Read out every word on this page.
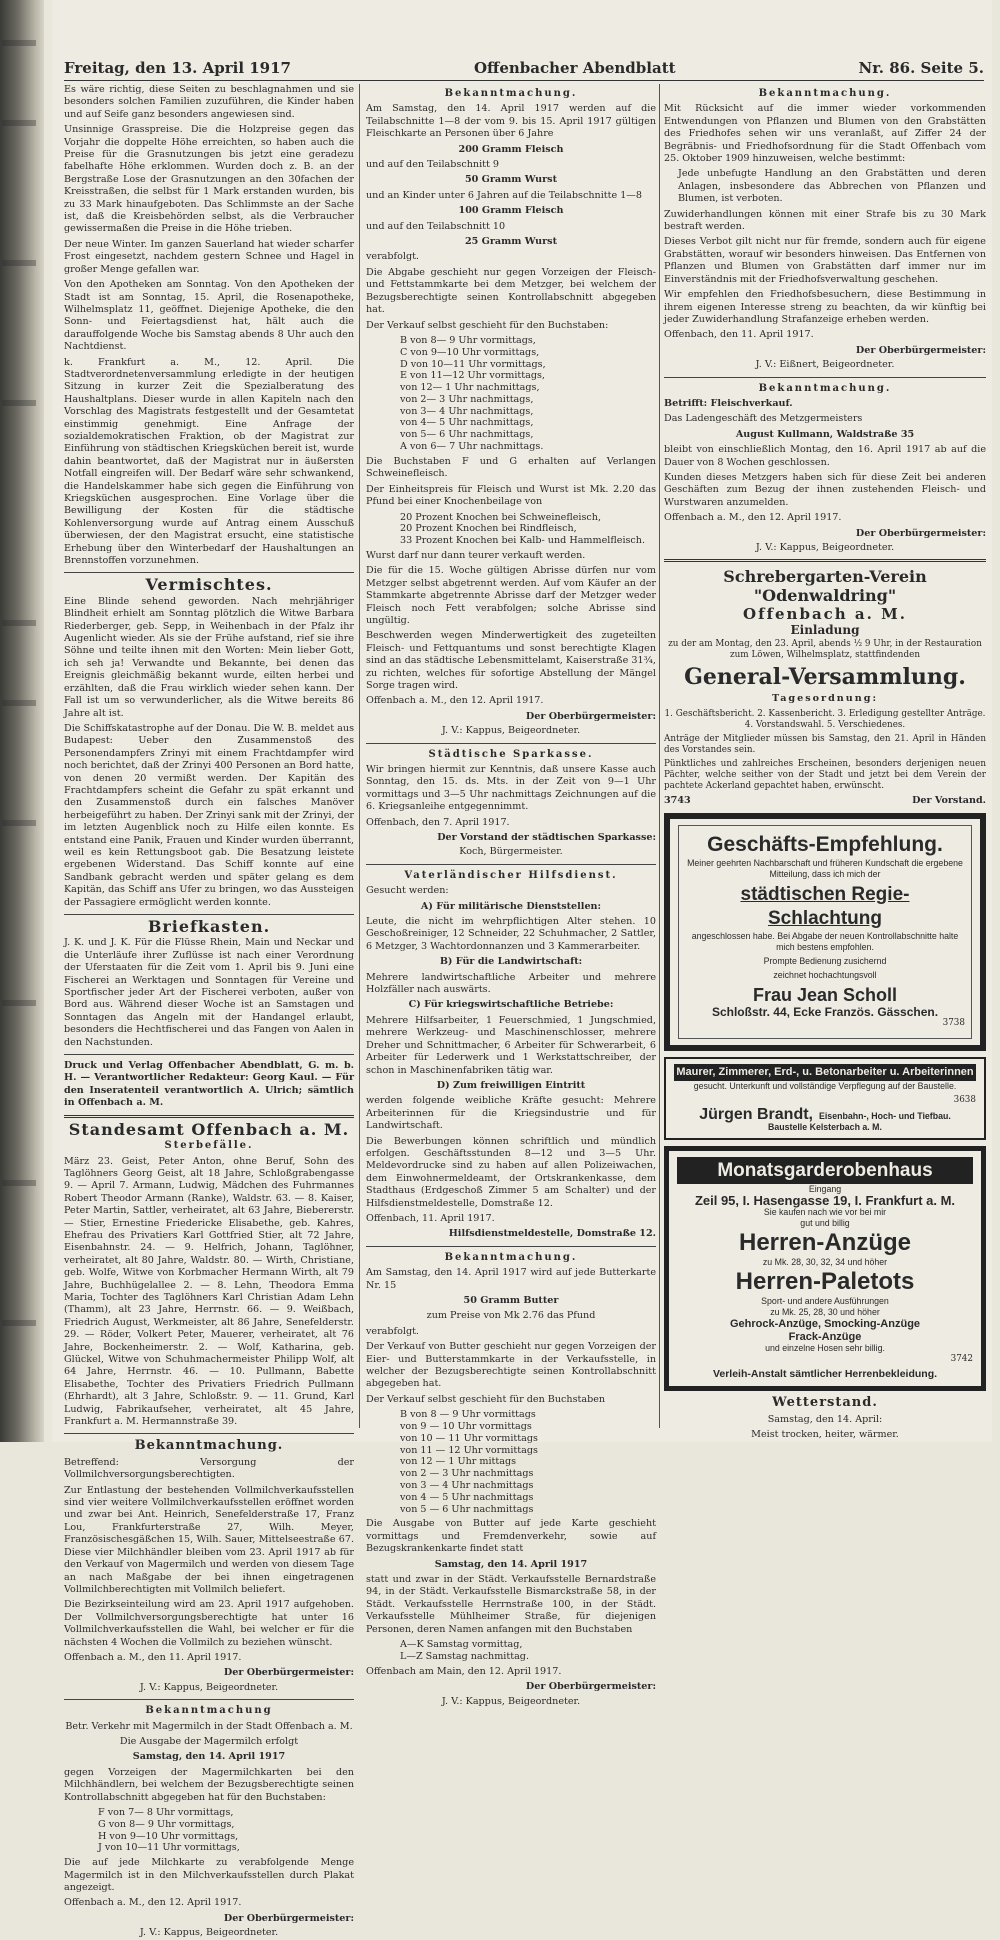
Freitag, den 13. April 1917	Offenbacher Abendblatt	Nr. 86. Seite 5.

Es wäre richtig, diese Seiten zu beschlagnahmen und sie besonders solchen Familien zuzuführen, die Kinder haben und auf Seife ganz besonders angewiesen sind.

Unsinnige Grasspreise. Die die Holzpreise gegen das Vorjahr die doppelte Höhe erreichten, so haben auch die Preise für die Grasnutzungen bis jetzt eine geradezu fabelhafte Höhe erklommen. Wurden doch z. B. an der Bergstraße Lose der Grasnutzungen an den 30fachen der Kreisstraßen, die selbst für 1 Mark erstanden wurden, bis zu 33 Mark hinaufgeboten. Das Schlimmste an der Sache ist, daß die Kreisbehörden selbst, als die Verbraucher gewissermaßen die Preise in die Höhe trieben.

Der neue Winter. Im ganzen Sauerland hat wieder scharfer Frost eingesetzt, nachdem gestern Schnee und Hagel in großer Menge gefallen war.

Von den Apotheken am Sonntag. Von den Apotheken der Stadt ist am Sonntag, 15. April, die Rosenapotheke, Wilhelmsplatz 11, geöffnet. Diejenige Apotheke, die den Sonn- und Feiertagsdienst hat, hält auch die darauffolgende Woche bis Samstag abends 8 Uhr auch den Nachtdienst.

k. Frankfurt a. M., 12. April. Die Stadtverordnetenversammlung erledigte in der heutigen Sitzung in kurzer Zeit die Spezialberatung des Haushaltplans. Dieser wurde in allen Kapiteln nach den Vorschlag des Magistrats festgestellt und der Gesamtetat einstimmig genehmigt. Eine Anfrage der sozialdemokratischen Fraktion, ob der Magistrat zur Einführung von städtischen Kriegsküchen bereit ist, wurde dahin beantwortet, daß der Magistrat nur in äußersten Notfall eingreifen will. Der Bedarf wäre sehr schwankend, die Handelskammer habe sich gegen die Einführung von Kriegsküchen ausgesprochen. Eine Vorlage über die Bewilligung der Kosten für die städtische Kohlenversorgung wurde auf Antrag einem Ausschuß überwiesen, der den Magistrat ersucht, eine statistische Erhebung über den Winterbedarf der Haushaltungen an Brennstoffen vorzunehmen.

Vermischtes.

Eine Blinde sehend geworden. Nach mehrjähriger Blindheit erhielt am Sonntag plötzlich die Witwe Barbara Riederberger, geb. Sepp, in Weihenbach in der Pfalz ihr Augenlicht wieder. Als sie der Frühe aufstand, rief sie ihre Söhne und teilte ihnen mit den Worten: Mein lieber Gott, ich seh ja! Verwandte und Bekannte, bei denen das Ereignis gleichmäßig bekannt wurde, eilten herbei und erzählten, daß die Frau wirklich wieder sehen kann. Der Fall ist um so verwunderlicher, als die Witwe bereits 86 Jahre alt ist.

Die Schiffskatastrophe auf der Donau. Die W. B. meldet aus Budapest: Ueber den Zusammenstoß des Personendampfers Zrinyi mit einem Frachtdampfer wird noch berichtet, daß der Zrinyi 400 Personen an Bord hatte, von denen 20 vermißt werden. Der Kapitän des Frachtdampfers scheint die Gefahr zu spät erkannt und den Zusammenstoß durch ein falsches Manöver herbeigeführt zu haben. Der Zrinyi sank mit der Zrinyi, der im letzten Augenblick noch zu Hilfe eilen konnte. Es entstand eine Panik, Frauen und Kinder wurden überrannt, weil es kein Rettungsboot gab. Die Besatzung leistete ergebenen Widerstand. Das Schiff konnte auf eine Sandbank gebracht werden und später gelang es dem Kapitän, das Schiff ans Ufer zu bringen, wo das Aussteigen der Passagiere ermöglicht werden konnte.

Briefkasten.

J. K. und J. K. Für die Flüsse Rhein, Main und Neckar und die Unterläufe ihrer Zuflüsse ist nach einer Verordnung der Uferstaaten für die Zeit vom 1. April bis 9. Juni eine Fischerei an Werktagen und Sonntagen für Vereine und Sportfischer jeder Art der Fischerei verboten, außer von Bord aus. Während dieser Woche ist an Samstagen und Sonntagen das Angeln mit der Handangel erlaubt, besonders die Hechtfischerei und das Fangen von Aalen in den Nachstunden.

Druck und Verlag Offenbacher Abendblatt, G. m. b. H. — Verantwortlicher Redakteur: Georg Kaul. — Für den Inseratenteil verantwortlich A. Ulrich; sämtlich in Offenbach a. M.

Standesamt Offenbach a. M.
Sterbefälle.

März 23. Geist, Peter Anton, ohne Beruf, Sohn des Taglöhners Georg Geist, alt 18 Jahre, Schloßgrabengasse 9. — April 7. Armann, Ludwig, Mädchen des Fuhrmannes Robert Theodor Armann (Ranke), Waldstr. 63. — 8. Kaiser, Peter Martin, Sattler, verheiratet, alt 63 Jahre, Biebererstr. — Stier, Ernestine Friedericke Elisabethe, geb. Kahres, Ehefrau des Privatiers Karl Gottfried Stier, alt 72 Jahre, Eisenbahnstr. 24. — 9. Helfrich, Johann, Taglöhner, verheiratet, alt 80 Jahre, Waldstr. 80. — Wirth, Christiane, geb. Wolfe, Witwe von Korbmacher Hermann Wirth, alt 79 Jahre, Buchhügelallee 2. — 8. Lehn, Theodora Emma Maria, Tochter des Taglöhners Karl Christian Adam Lehn (Thamm), alt 23 Jahre, Herrnstr. 66. — 9. Weißbach, Friedrich August, Werkmeister, alt 86 Jahre, Senefelderstr. 29. — Röder, Volkert Peter, Mauerer, verheiratet, alt 76 Jahre, Bockenheimerstr. 2. — Wolf, Katharina, geb. Glückel, Witwe von Schuhmachermeister Philipp Wolf, alt 64 Jahre, Herrnstr. 46. — 10. Pullmann, Babette Elisabethe, Tochter des Privatiers Friedrich Pullmann (Ehrhardt), alt 3 Jahre, Schloßstr. 9. — 11. Grund, Karl Ludwig, Fabrikaufseher, verheiratet, alt 45 Jahre, Frankfurt a. M. Hermannstraße 39.

Bekanntmachung.

Betreffend: Versorgung der Vollmilchversorgungsberechtigten.

Zur Entlastung der bestehenden Vollmilchverkaufsstellen sind vier weitere Vollmilchverkaufsstellen eröffnet worden und zwar bei Ant. Heinrich, Senefelderstraße 17, Franz Lou, Frankfurterstraße 27, Wilh. Meyer, Französischesgäßchen 15, Wilh. Sauer, Mittelseestraße 67. Diese vier Milchhändler bleiben vom 23. April 1917 ab für den Verkauf von Magermilch und werden von diesem Tage an nach Maßgabe der bei ihnen eingetragenen Vollmilchberechtigten mit Vollmilch beliefert.

Die Bezirkseinteilung wird am 23. April 1917 aufgehoben. Der Vollmilchversorgungsberechtigte hat unter 16 Vollmilchverkaufsstellen die Wahl, bei welcher er für die nächsten 4 Wochen die Vollmilch zu beziehen wünscht.

Offenbach a. M., den 11. April 1917.

Der Oberbürgermeister:

J. V.: Kappus, Beigeordneter.

Bekanntmachung

Betr. Verkehr mit Magermilch in der Stadt Offenbach a. M.

Die Ausgabe der Magermilch erfolgt

Samstag, den 14. April 1917

gegen Vorzeigen der Magermilchkarten bei den Milchhändlern, bei welchem der Bezugsberechtigte seinen Kontrollabschnitt abgegeben hat für den Buchstaben:

F von 7— 8 Uhr vormittags,
G von 8— 9 Uhr vormittags,
H von 9—10 Uhr vormittags,
J von 10—11 Uhr vormittags,

Die auf jede Milchkarte zu verabfolgende Menge Magermilch ist in den Milchverkaufsstellen durch Plakat angezeigt.

Offenbach a. M., den 12. April 1917.

Der Oberbürgermeister:

J. V.: Kappus, Beigeordneter.

Bekanntmachung.

Am Samstag, den 14. April 1917 werden auf die Teilabschnitte 1—8 der vom 9. bis 15. April 1917 gültigen Fleischkarte an Personen über 6 Jahre

200 Gramm Fleisch

und auf den Teilabschnitt 9

50 Gramm Wurst

und an Kinder unter 6 Jahren auf die Teilabschnitte 1—8

100 Gramm Fleisch

und auf den Teilabschnitt 10

25 Gramm Wurst

verabfolgt.

Die Abgabe geschieht nur gegen Vorzeigen der Fleisch- und Fettstammkarte bei dem Metzger, bei welchem der Bezugsberechtigte seinen Kontrollabschnitt abgegeben hat.

Der Verkauf selbst geschieht für den Buchstaben:

B von 8— 9 Uhr vormittags,
C von 9—10 Uhr vormittags,
D von 10—11 Uhr vormittags,
E von 11—12 Uhr vormittags,
von 12— 1 Uhr nachmittags,
von 2— 3 Uhr nachmittags,
von 3— 4 Uhr nachmittags,
von 4— 5 Uhr nachmittags,
von 5— 6 Uhr nachmittags,
A von 6— 7 Uhr nachmittags.

Die Buchstaben F und G erhalten auf Verlangen Schweinefleisch.

Der Einheitspreis für Fleisch und Wurst ist Mk. 2.20 das Pfund bei einer Knochenbeilage von

20 Prozent Knochen bei Schweinefleisch,
20 Prozent Knochen bei Rindfleisch,
33 Prozent Knochen bei Kalb- und Hammelfleisch.

Wurst darf nur dann teurer verkauft werden.

Die für die 15. Woche gültigen Abrisse dürfen nur vom Metzger selbst abgetrennt werden. Auf vom Käufer an der Stammkarte abgetrennte Abrisse darf der Metzger weder Fleisch noch Fett verabfolgen; solche Abrisse sind ungültig.

Beschwerden wegen Minderwertigkeit des zugeteilten Fleisch- und Fettquantums und sonst berechtigte Klagen sind an das städtische Lebensmittelamt, Kaiserstraße 31¾, zu richten, welches für sofortige Abstellung der Mängel Sorge tragen wird.

Offenbach a. M., den 12. April 1917.

Der Oberbürgermeister:

J. V.: Kappus, Beigeordneter.

Städtische Sparkasse.

Wir bringen hiermit zur Kenntnis, daß unsere Kasse auch Sonntag, den 15. ds. Mts. in der Zeit von 9—1 Uhr vormittags und 3—5 Uhr nachmittags Zeichnungen auf die 6. Kriegsanleihe entgegennimmt.

Offenbach, den 7. April 1917.

Der Vorstand der städtischen Sparkasse:

Koch, Bürgermeister.

Vaterländischer Hilfsdienst.

Gesucht werden:

A) Für militärische Dienststellen:

Leute, die nicht im wehrpflichtigen Alter stehen. 10 Geschoßreiniger, 12 Schneider, 22 Schuhmacher, 2 Sattler, 6 Metzger, 3 Wachtordonnanzen und 3 Kammerarbeiter.

B) Für die Landwirtschaft:

Mehrere landwirtschaftliche Arbeiter und mehrere Holzfäller nach auswärts.

C) Für kriegswirtschaftliche Betriebe:

Mehrere Hilfsarbeiter, 1 Feuerschmied, 1 Jungschmied, mehrere Werkzeug- und Maschinenschlosser, mehrere Dreher und Schnittmacher, 6 Arbeiter für Schwerarbeit, 6 Arbeiter für Lederwerk und 1 Werkstattschreiber, der schon in Maschinenfabriken tätig war.

D) Zum freiwilligen Eintritt

werden folgende weibliche Kräfte gesucht: Mehrere Arbeiterinnen für die Kriegsindustrie und für Landwirtschaft.

Die Bewerbungen können schriftlich und mündlich erfolgen. Geschäftsstunden 8—12 und 3—5 Uhr. Meldevordrucke sind zu haben auf allen Polizeiwachen, dem Einwohnermeldeamt, der Ortskrankenkasse, dem Stadthaus (Erdgeschoß Zimmer 5 am Schalter) und der Hilfsdienstmeldestelle, Domstraße 12.

Offenbach, 11. April 1917.

Hilfsdienstmeldestelle, Domstraße 12.

Bekanntmachung.

Am Samstag, den 14. April 1917 wird auf jede Butterkarte Nr. 15

50 Gramm Butter

zum Preise von Mk 2.76 das Pfund

verabfolgt.

Der Verkauf von Butter geschieht nur gegen Vorzeigen der Eier- und Butterstammkarte in der Verkaufsstelle, in welcher der Bezugsberechtigte seinen Kontrollabschnitt abgegeben hat.

Der Verkauf selbst geschieht für den Buchstaben

B von 8 — 9 Uhr vormittags
von 9 — 10 Uhr vormittags
von 10 — 11 Uhr vormittags
von 11 — 12 Uhr vormittags
von 12 — 1 Uhr mittags
von 2 — 3 Uhr nachmittags
von 3 — 4 Uhr nachmittags
von 4 — 5 Uhr nachmittags
von 5 — 6 Uhr nachmittags

Die Ausgabe von Butter auf jede Karte geschieht vormittags und Fremdenverkehr, sowie auf Bezugskrankenkarte findet statt

Samstag, den 14. April 1917

statt und zwar in der Städt. Verkaufsstelle Bernardstraße 94, in der Städt. Verkaufsstelle Bismarckstraße 58, in der Städt. Verkaufsstelle Herrnstraße 100, in der Städt. Verkaufsstelle Mühlheimer Straße, für diejenigen Personen, deren Namen anfangen mit den Buchstaben

A—K Samstag vormittag,
L—Z Samstag nachmittag.

Offenbach am Main, den 12. April 1917.

Der Oberbürgermeister:

J. V.: Kappus, Beigeordneter.

Bekanntmachung.

Mit Rücksicht auf die immer wieder vorkommenden Entwendungen von Pflanzen und Blumen von den Grabstätten des Friedhofes sehen wir uns veranlaßt, auf Ziffer 24 der Begräbnis- und Friedhofsordnung für die Stadt Offenbach vom 25. Oktober 1909 hinzuweisen, welche bestimmt:

Jede unbefugte Handlung an den Grabstätten und deren Anlagen, insbesondere das Abbrechen von Pflanzen und Blumen, ist verboten.

Zuwiderhandlungen können mit einer Strafe bis zu 30 Mark bestraft werden.

Dieses Verbot gilt nicht nur für fremde, sondern auch für eigene Grabstätten, worauf wir besonders hinweisen. Das Entfernen von Pflanzen und Blumen von Grabstätten darf immer nur im Einverständnis mit der Friedhofsverwaltung geschehen.

Wir empfehlen den Friedhofsbesuchern, diese Bestimmung in ihrem eigenen Interesse streng zu beachten, da wir künftig bei jeder Zuwiderhandlung Strafanzeige erheben werden.

Offenbach, den 11. April 1917.

Der Oberbürgermeister:

J. V.: Eißnert, Beigeordneter.

Bekanntmachung.

Betrifft: Fleischverkauf.

Das Ladengeschäft des Metzgermeisters

August Kullmann, Waldstraße 35

bleibt von einschließlich Montag, den 16. April 1917 ab auf die Dauer von 8 Wochen geschlossen.

Kunden dieses Metzgers haben sich für diese Zeit bei anderen Geschäften zum Bezug der ihnen zustehenden Fleisch- und Wurstwaren anzumelden.

Offenbach a. M., den 12. April 1917.

Der Oberbürgermeister:

J. V.: Kappus, Beigeordneter.

Schrebergarten-Verein "Odenwaldring"
Offenbach a. M.
Einladung

zu der am Montag, den 23. April, abends ½ 9 Uhr, in der Restauration zum Löwen, Wilhelmsplatz, stattfindenden

General-Versammlung.
Tagesordnung:

1. Geschäftsbericht. 2. Kassenbericht. 3. Erledigung gestellter Anträge. 4. Vorstandswahl. 5. Verschiedenes.

Anträge der Mitglieder müssen bis Samstag, den 21. April in Händen des Vorstandes sein.

Pünktliches und zahlreiches Erscheinen, besonders derjenigen neuen Pächter, welche seither von der Stadt und jetzt bei dem Verein der pachtete Ackerland gepachtet haben, erwünscht.

3743	Der Vorstand.
Geschäfts-Empfehlung.

Meiner geehrten Nachbarschaft und früheren Kundschaft die ergebene Mitteilung, dass ich mich der

städtischen Regie-Schlachtung

angeschlossen habe. Bei Abgabe der neuen Kontrollabschnitte halte mich bestens empfohlen.

Prompte Bedienung zusichernd

zeichnet hochachtungsvoll

Frau Jean Scholl
Schloßstr. 44, Ecke Französ. Gässchen.
3738
Maurer, Zimmerer, Erd-, u. Betonarbeiter u. Arbeiterinnen

gesucht. Unterkunft und vollständige Verpflegung auf der Baustelle.

3638
Jürgen Brandt, Eisenbahn-, Hoch- und Tiefbau.
Baustelle Kelsterbach a. M.
Monatsgarderobenhaus
Eingang
Zeil 95, I. Hasengasse 19, I. Frankfurt a. M.
Sie kaufen nach wie vor bei mir
gut und billig
Herren-Anzüge
zu Mk. 28, 30, 32, 34 und höher
Herren-Paletots
Sport- und andere Ausführungen
zu Mk. 25, 28, 30 und höher
Gehrock-Anzüge, Smocking-Anzüge
Frack-Anzüge
und einzelne Hosen sehr billig.
3742
Verleih-Anstalt sämtlicher Herrenbekleidung.
Wetterstand.

Samstag, den 14. April:

Meist trocken, heiter, wärmer.
